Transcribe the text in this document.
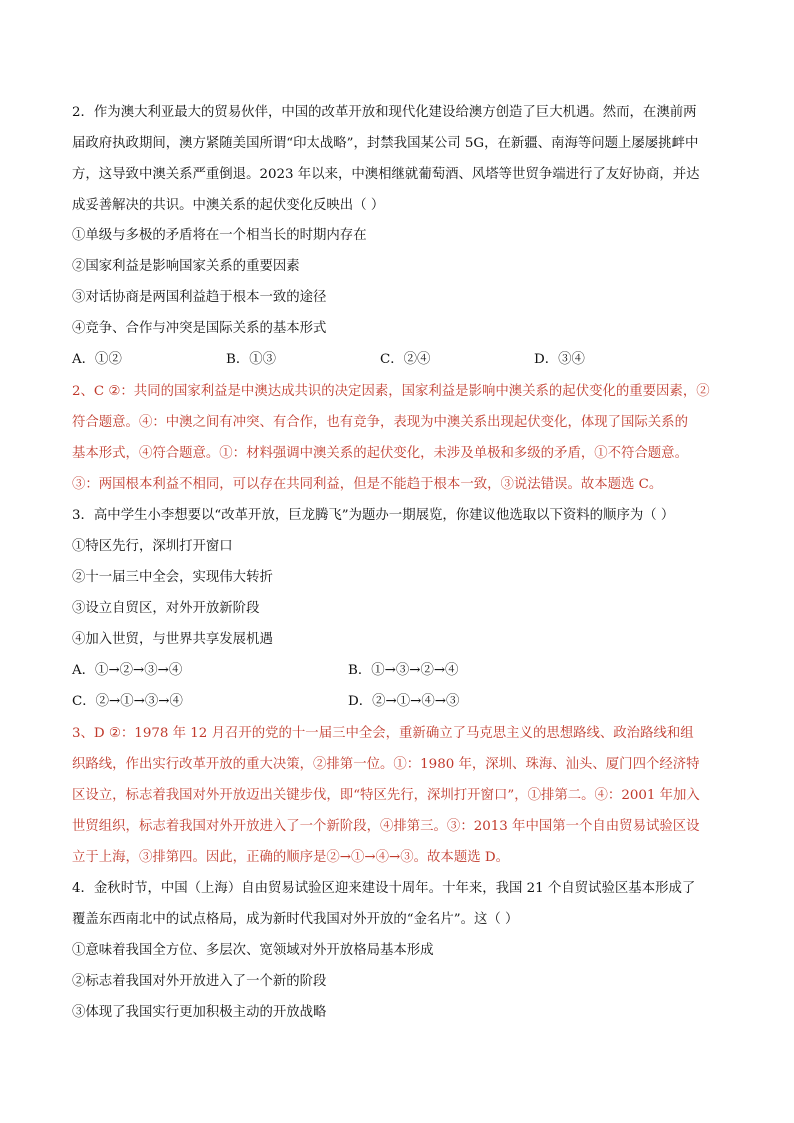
2．作为澳大利亚最大的贸易伙伴，中国的改革开放和现代化建设给澳方创造了巨大机遇。然而，在澳前两
届政府执政期间，澳方紧随美国所谓“印太战略”，封禁我国某公司 5G，在新疆、南海等问题上屡屡挑衅中
方，这导致中澳关系严重倒退。2023 年以来，中澳相继就葡萄酒、风塔等世贸争端进行了友好协商，并达
成妥善解决的共识。中澳关系的起伏变化反映出（ ）
①单级与多极的矛盾将在一个相当长的时期内存在
②国家利益是影响国家关系的重要因素
③对话协商是两国利益趋于根本一致的途径
④竞争、合作与冲突是国际关系的基本形式
A．①②	B．①③	C．②④	D．③④
2、C ②：共同的国家利益是中澳达成共识的决定因素，国家利益是影响中澳关系的起伏变化的重要因素，②
符合题意。④：中澳之间有冲突、有合作，也有竞争，表现为中澳关系出现起伏变化，体现了国际关系的
基本形式，④符合题意。①：材料强调中澳关系的起伏变化，未涉及单极和多级的矛盾，①不符合题意。
③：两国根本利益不相同，可以存在共同利益，但是不能趋于根本一致，③说法错误。故本题选 C。
3．高中学生小李想要以“改革开放，巨龙腾飞”为题办一期展览，你建议他选取以下资料的顺序为（ ）
①特区先行，深圳打开窗口
②十一届三中全会，实现伟大转折
③设立自贸区，对外开放新阶段
④加入世贸，与世界共享发展机遇
A．①→②→③→④	B．①→③→②→④
C．②→①→③→④	D．②→①→④→③
3、D ②：1978 年 12 月召开的党的十一届三中全会，重新确立了马克思主义的思想路线、政治路线和组
织路线，作出实行改革开放的重大决策，②排第一位。①：1980 年，深圳、珠海、汕头、厦门四个经济特
区设立，标志着我国对外开放迈出关键步伐，即“特区先行，深圳打开窗口”，①排第二。④：2001 年加入
世贸组织，标志着我国对外开放进入了一个新阶段，④排第三。③：2013 年中国第一个自由贸易试验区设
立于上海，③排第四。因此，正确的顺序是②→①→④→③。故本题选 D。
4．金秋时节，中国（上海）自由贸易试验区迎来建设十周年。十年来，我国 21 个自贸试验区基本形成了
覆盖东西南北中的试点格局，成为新时代我国对外开放的“金名片”。这（ ）
①意味着我国全方位、多层次、宽领域对外开放格局基本形成
②标志着我国对外开放进入了一个新的阶段
③体现了我国实行更加积极主动的开放战略
